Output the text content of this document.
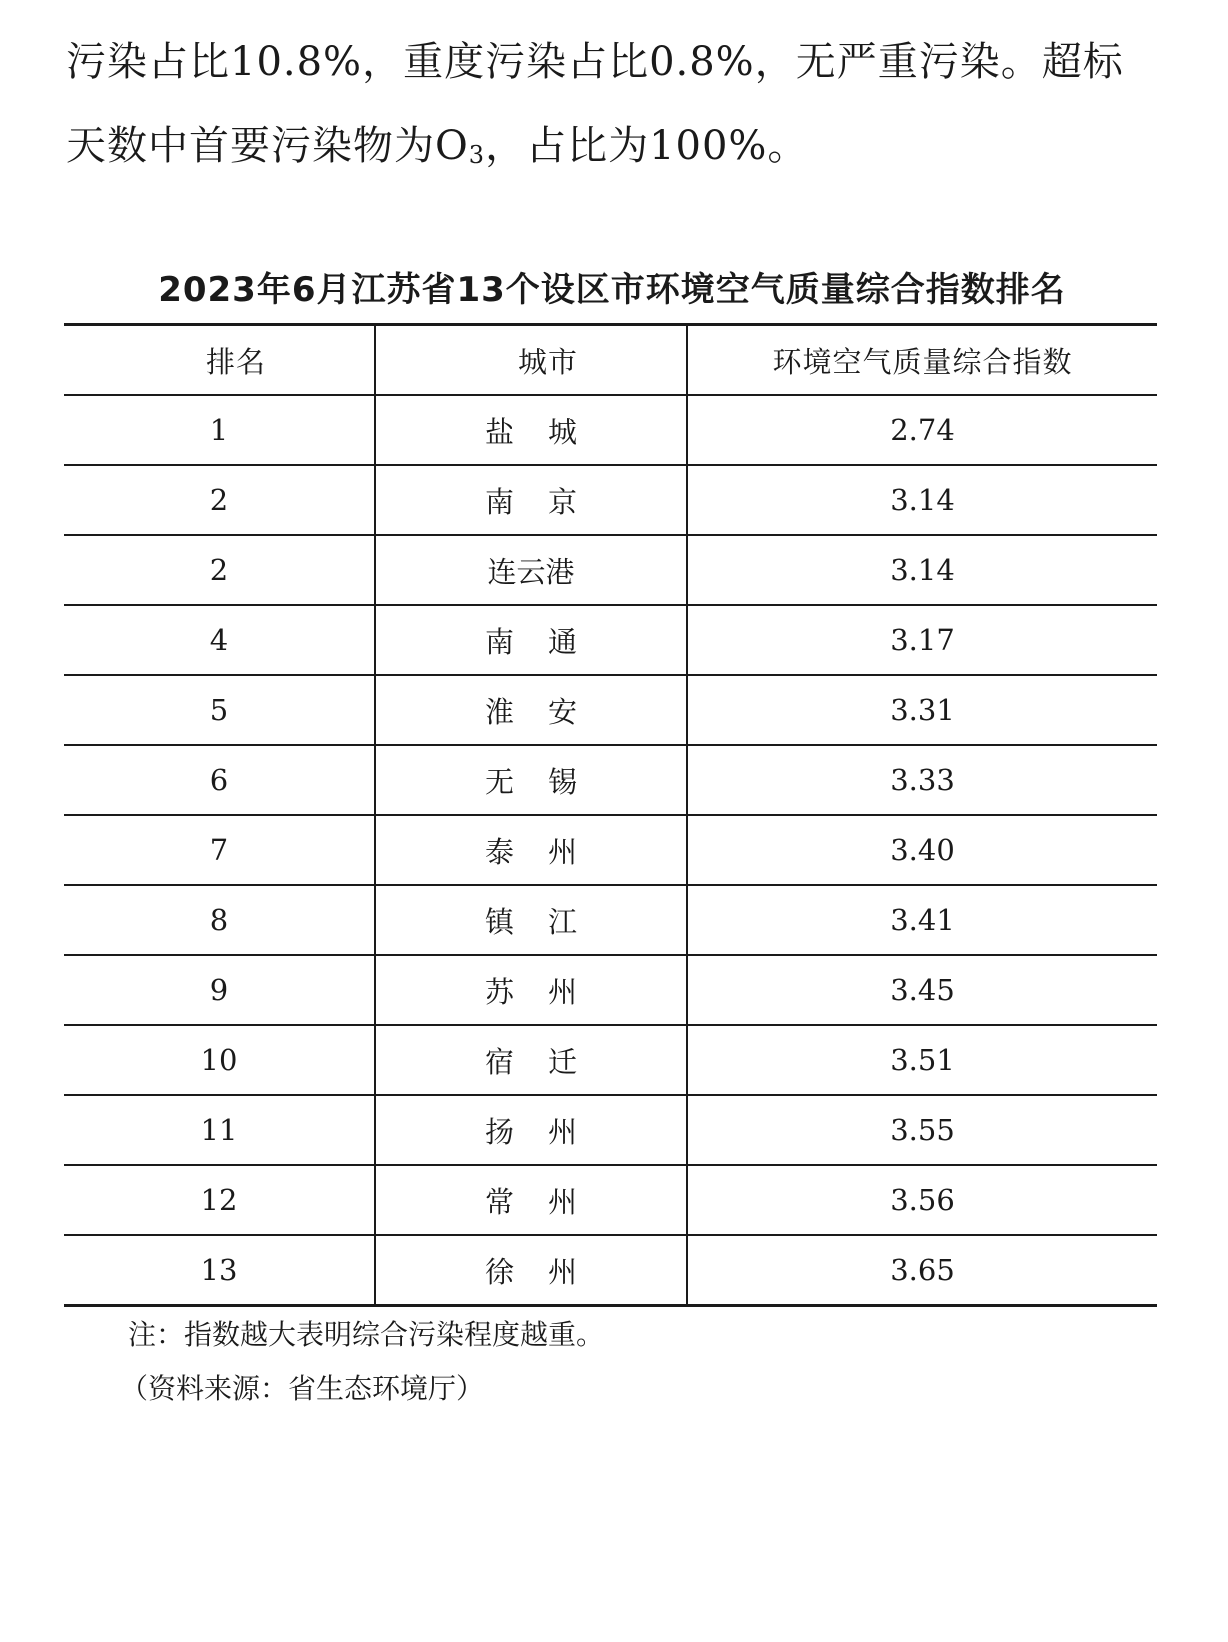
污染占比10.8%，重度污染占比0.8%，无严重污染。超标

天数中首要污染物为$O_3$，占比为100%。

2023年6月江苏省13个设区市环境空气质量综合指数排名
排名	城市	环境空气质量综合指数
1	盐城	2.74
2	南京	3.14
2	连云港	3.14
4	南通	3.17
5	淮安	3.31
6	无锡	3.33
7	泰州	3.40
8	镇江	3.41
9	苏州	3.45
10	宿迁	3.51
11	扬州	3.55
12	常州	3.56
13	徐州	3.65

注：指数越大表明综合污染程度越重。

（资料来源：省生态环境厅）
